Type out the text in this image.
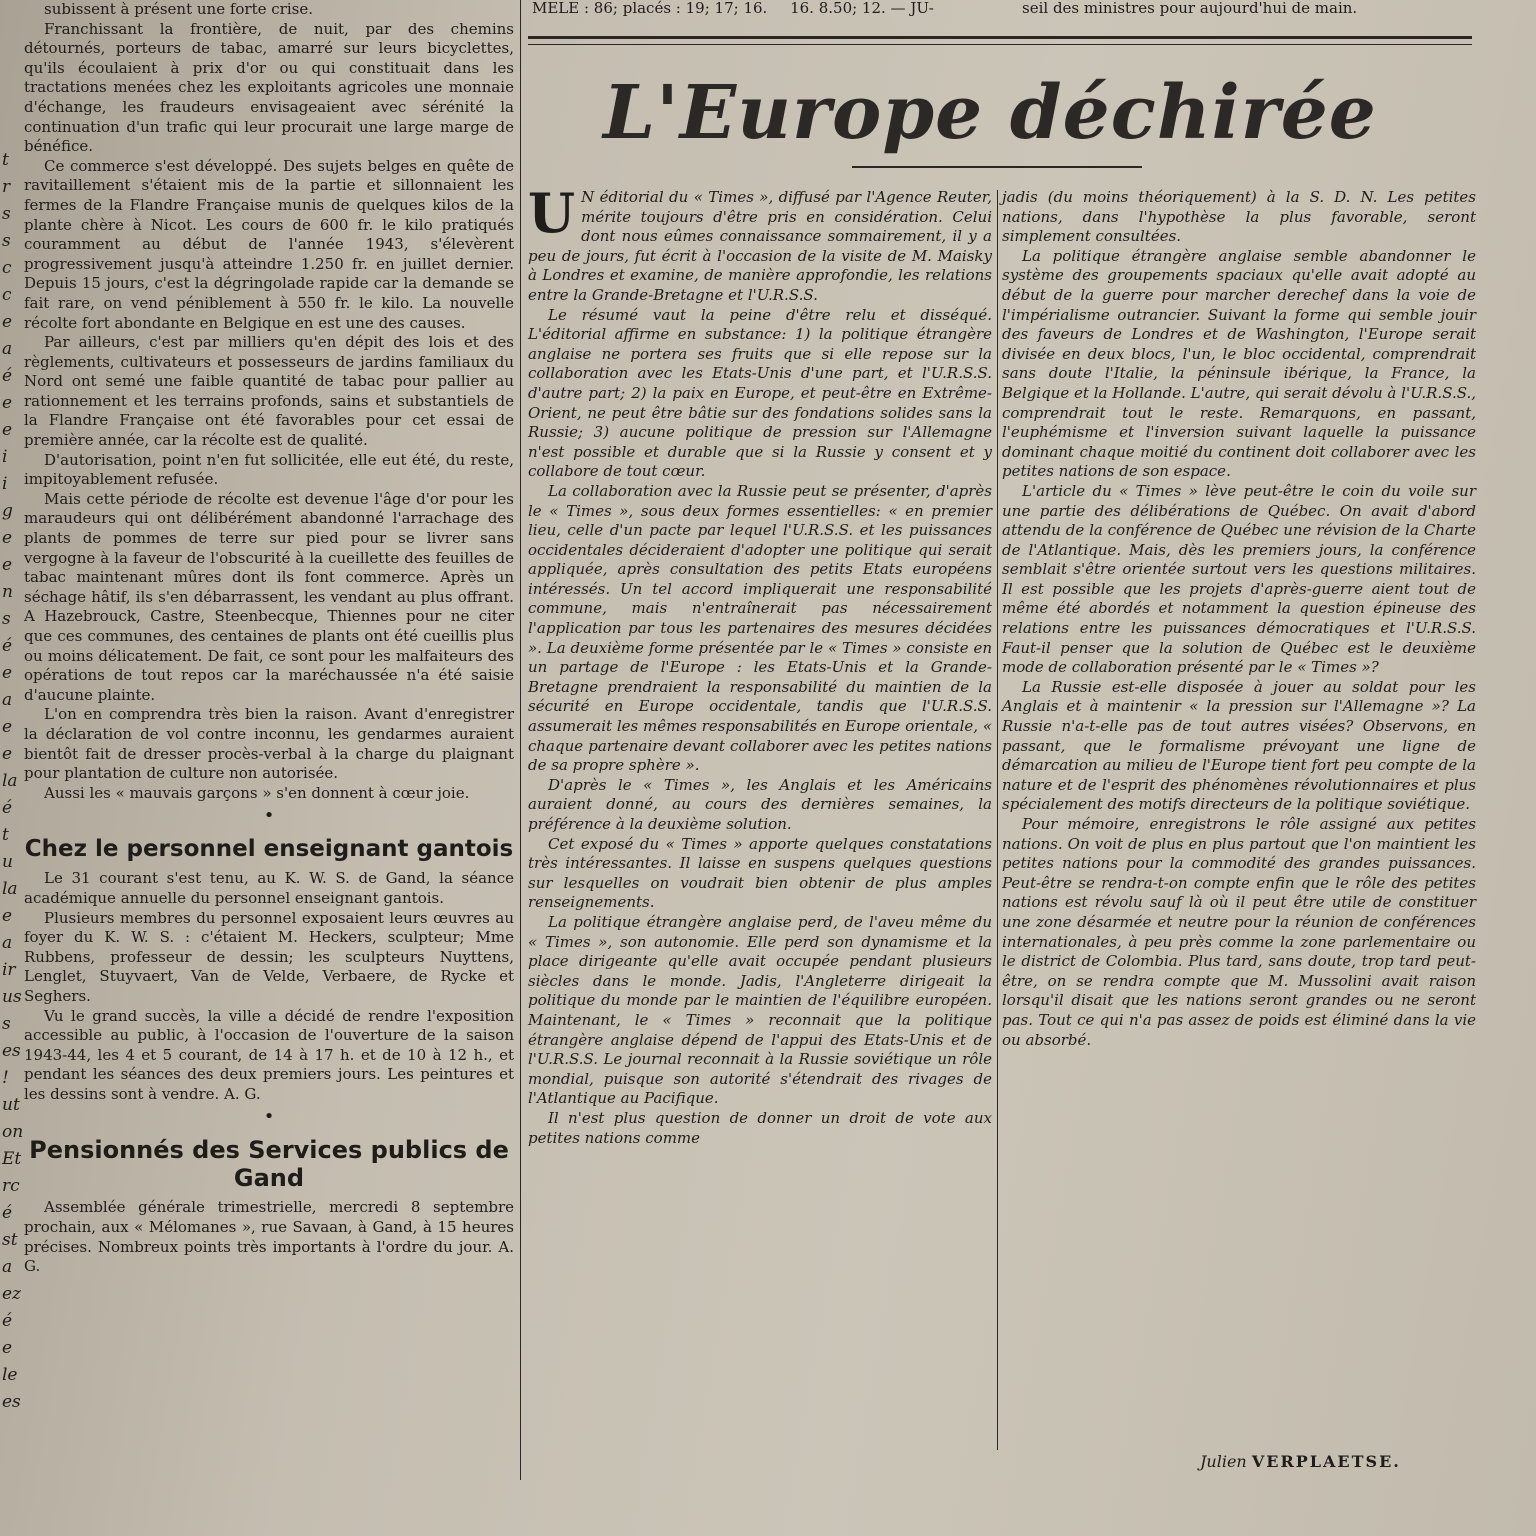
t
r
s
s
c
c
e
a
é
e
e
i
i
g
e
e
n
s
é
e
a
e
e
la
é
t
u
la
e
a
ir
us
s
es
!
ut
on
Et
rc
é
st
a
ez
é
e
le
es
MELE : 86; placés : 19; 17; 16. 16. 8.50; 12. — JU-	seil des ministres pour aujourd'hui de main.
L'Europe déchirée

subissent à présent une forte crise.

Franchissant la frontière, de nuit, par des chemins détournés, porteurs de tabac, amarré sur leurs bicyclettes, qu'ils écoulaient à prix d'or ou qui constituait dans les tractations menées chez les exploitants agricoles une monnaie d'échange, les fraudeurs envisageaient avec sérénité la continuation d'un trafic qui leur procurait une large marge de bénéfice.

Ce commerce s'est développé. Des sujets belges en quête de ravitaillement s'étaient mis de la partie et sillonnaient les fermes de la Flandre Française munis de quelques kilos de la plante chère à Nicot. Les cours de 600 fr. le kilo pratiqués couramment au début de l'année 1943, s'élevèrent progressivement jusqu'à atteindre 1.250 fr. en juillet dernier. Depuis 15 jours, c'est la dégringolade rapide car la demande se fait rare, on vend péniblement à 550 fr. le kilo. La nouvelle récolte fort abondante en Belgique en est une des causes.

Par ailleurs, c'est par milliers qu'en dépit des lois et des règlements, cultivateurs et possesseurs de jardins familiaux du Nord ont semé une faible quantité de tabac pour pallier au rationnement et les terrains profonds, sains et substantiels de la Flandre Française ont été favorables pour cet essai de première année, car la récolte est de qualité.

D'autorisation, point n'en fut sollicitée, elle eut été, du reste, impitoyablement refusée.

Mais cette période de récolte est devenue l'âge d'or pour les maraudeurs qui ont délibérément abandonné l'arrachage des plants de pommes de terre sur pied pour se livrer sans vergogne à la faveur de l'obscurité à la cueillette des feuilles de tabac maintenant mûres dont ils font commerce. Après un séchage hâtif, ils s'en débarrassent, les vendant au plus offrant. A Hazebrouck, Castre, Steenbecque, Thiennes pour ne citer que ces communes, des centaines de plants ont été cueillis plus ou moins délicatement. De fait, ce sont pour les malfaiteurs des opérations de tout repos car la maréchaussée n'a été saisie d'aucune plainte.

L'on en comprendra très bien la raison. Avant d'enregistrer la déclaration de vol contre inconnu, les gendarmes auraient bientôt fait de dresser procès-verbal à la charge du plaignant pour plantation de culture non autorisée.

Aussi les « mauvais garçons » s'en donnent à cœur joie.

•
Chez le personnel enseignant gantois

Le 31 courant s'est tenu, au K. W. S. de Gand, la séance académique annuelle du personnel enseignant gantois.

Plusieurs membres du personnel exposaient leurs œuvres au foyer du K. W. S. : c'étaient M. Heckers, sculpteur; Mme Rubbens, professeur de dessin; les sculpteurs Nuyttens, Lenglet, Stuyvaert, Van de Velde, Verbaere, de Rycke et Seghers.

Vu le grand succès, la ville a décidé de rendre l'exposition accessible au public, à l'occasion de l'ouverture de la saison 1943-44, les 4 et 5 courant, de 14 à 17 h. et de 10 à 12 h., et pendant les séances des deux premiers jours. Les peintures et les dessins sont à vendre. A. G.

•
Pensionnés des Services publics de Gand

Assemblée générale trimestrielle, mercredi 8 septembre prochain, aux « Mélomanes », rue Savaan, à Gand, à 15 heures précises. Nombreux points très importants à l'ordre du jour. A. G.

U N éditorial du « Times », diffusé par l'Agence Reuter, mérite toujours d'être pris en considération. Celui dont nous eûmes connaissance sommairement, il y a peu de jours, fut écrit à l'occasion de la visite de M. Maisky à Londres et examine, de manière approfondie, les relations entre la Grande-Bretagne et l'U.R.S.S.

Le résumé vaut la peine d'être relu et disséqué. L'éditorial affirme en substance: 1) la politique étrangère anglaise ne portera ses fruits que si elle repose sur la collaboration avec les Etats-Unis d'une part, et l'U.R.S.S. d'autre part; 2) la paix en Europe, et peut-être en Extrême-Orient, ne peut être bâtie sur des fondations solides sans la Russie; 3) aucune politique de pression sur l'Allemagne n'est possible et durable que si la Russie y consent et y collabore de tout cœur.

La collaboration avec la Russie peut se présenter, d'après le « Times », sous deux formes essentielles: « en premier lieu, celle d'un pacte par lequel l'U.R.S.S. et les puissances occidentales décideraient d'adopter une politique qui serait appliquée, après consultation des petits Etats européens intéressés. Un tel accord impliquerait une responsabilité commune, mais n'entraînerait pas nécessairement l'application par tous les partenaires des mesures décidées ». La deuxième forme présentée par le « Times » consiste en un partage de l'Europe : les Etats-Unis et la Grande-Bretagne prendraient la responsabilité du maintien de la sécurité en Europe occidentale, tandis que l'U.R.S.S. assumerait les mêmes responsabilités en Europe orientale, « chaque partenaire devant collaborer avec les petites nations de sa propre sphère ».

D'après le « Times », les Anglais et les Américains auraient donné, au cours des dernières semaines, la préférence à la deuxième solution.

Cet exposé du « Times » apporte quelques constatations très intéressantes. Il laisse en suspens quelques questions sur lesquelles on voudrait bien obtenir de plus amples renseignements.

La politique étrangère anglaise perd, de l'aveu même du « Times », son autonomie. Elle perd son dynamisme et la place dirigeante qu'elle avait occupée pendant plusieurs siècles dans le monde. Jadis, l'Angleterre dirigeait la politique du monde par le maintien de l'équilibre européen. Maintenant, le « Times » reconnait que la politique étrangère anglaise dépend de l'appui des Etats-Unis et de l'U.R.S.S. Le journal reconnait à la Russie soviétique un rôle mondial, puisque son autorité s'étendrait des rivages de l'Atlantique au Pacifique.

Il n'est plus question de donner un droit de vote aux petites nations comme

jadis (du moins théoriquement) à la S. D. N. Les petites nations, dans l'hypothèse la plus favorable, seront simplement consultées.

La politique étrangère anglaise semble abandonner le système des groupements spaciaux qu'elle avait adopté au début de la guerre pour marcher derechef dans la voie de l'impérialisme outrancier. Suivant la forme qui semble jouir des faveurs de Londres et de Washington, l'Europe serait divisée en deux blocs, l'un, le bloc occidental, comprendrait sans doute l'Italie, la péninsule ibérique, la France, la Belgique et la Hollande. L'autre, qui serait dévolu à l'U.R.S.S., comprendrait tout le reste. Remarquons, en passant, l'euphémisme et l'inversion suivant laquelle la puissance dominant chaque moitié du continent doit collaborer avec les petites nations de son espace.

L'article du « Times » lève peut-être le coin du voile sur une partie des délibérations de Québec. On avait d'abord attendu de la conférence de Québec une révision de la Charte de l'Atlantique. Mais, dès les premiers jours, la conférence semblait s'être orientée surtout vers les questions militaires. Il est possible que les projets d'après-guerre aient tout de même été abordés et notamment la question épineuse des relations entre les puissances démocratiques et l'U.R.S.S. Faut-il penser que la solution de Québec est le deuxième mode de collaboration présenté par le « Times »?

La Russie est-elle disposée à jouer au soldat pour les Anglais et à maintenir « la pression sur l'Allemagne »? La Russie n'a-t-elle pas de tout autres visées? Observons, en passant, que le formalisme prévoyant une ligne de démarcation au milieu de l'Europe tient fort peu compte de la nature et de l'esprit des phénomènes révolutionnaires et plus spécialement des motifs directeurs de la politique soviétique.

Pour mémoire, enregistrons le rôle assigné aux petites nations. On voit de plus en plus partout que l'on maintient les petites nations pour la commodité des grandes puissances. Peut-être se rendra-t-on compte enfin que le rôle des petites nations est révolu sauf là où il peut être utile de constituer une zone désarmée et neutre pour la réunion de conférences internationales, à peu près comme la zone parlementaire ou le district de Colombia. Plus tard, sans doute, trop tard peut-être, on se rendra compte que M. Mussolini avait raison lorsqu'il disait que les nations seront grandes ou ne seront pas. Tout ce qui n'a pas assez de poids est éliminé dans la vie ou absorbé.

Julien VERPLAETSE.
